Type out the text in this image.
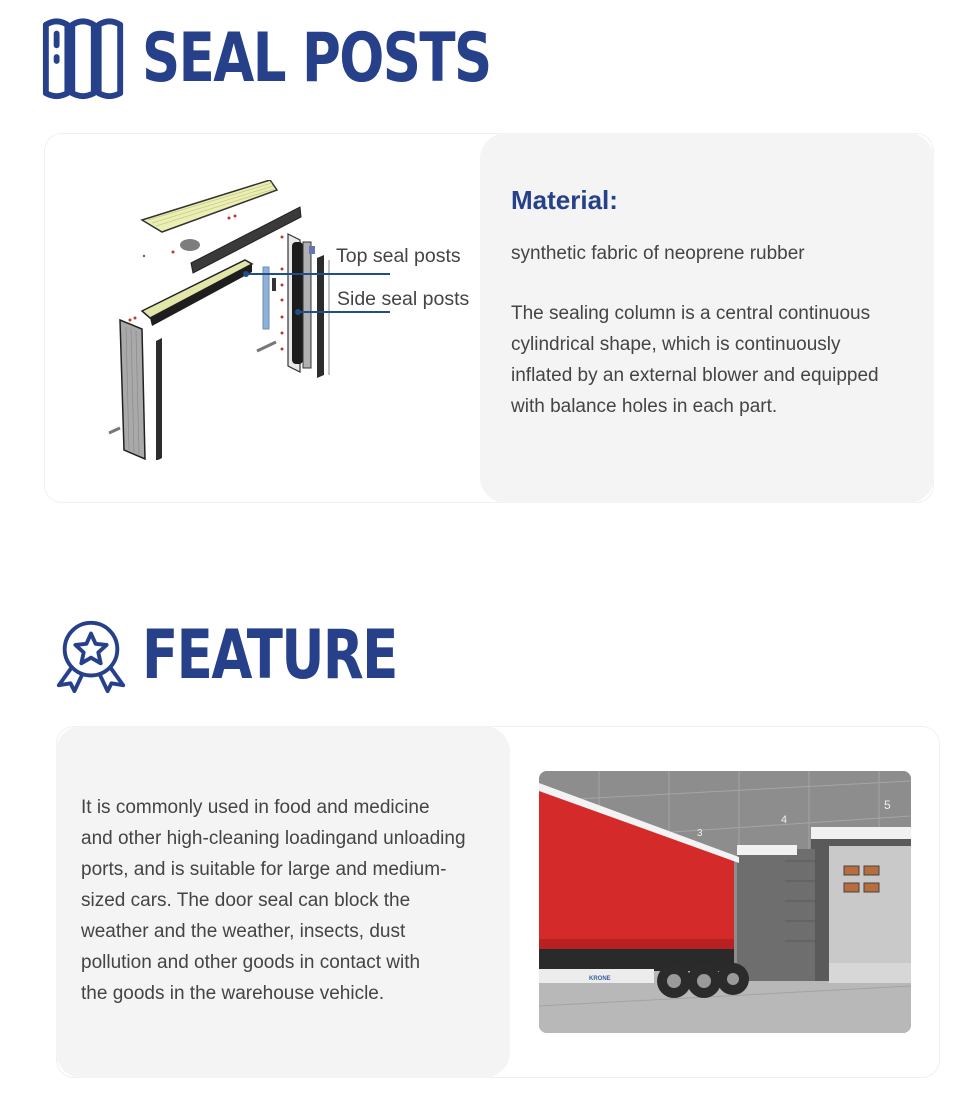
SEAL POSTS
Top seal posts
Side seal posts
Material:
synthetic fabric of neoprene rubber
The sealing column is a central continuous
cylindrical shape, which is continuously
inflated by an external blower and equipped
with balance holes in each part.
FEATURE
It is commonly used in food and medicine
and other high-cleaning loadingand unloading
ports, and is suitable for large and medium-
sized cars. The door seal can block the
weather and the weather, insects, dust
pollution and other goods in contact with
the goods in the warehouse vehicle.
3
4
5
KRONE
